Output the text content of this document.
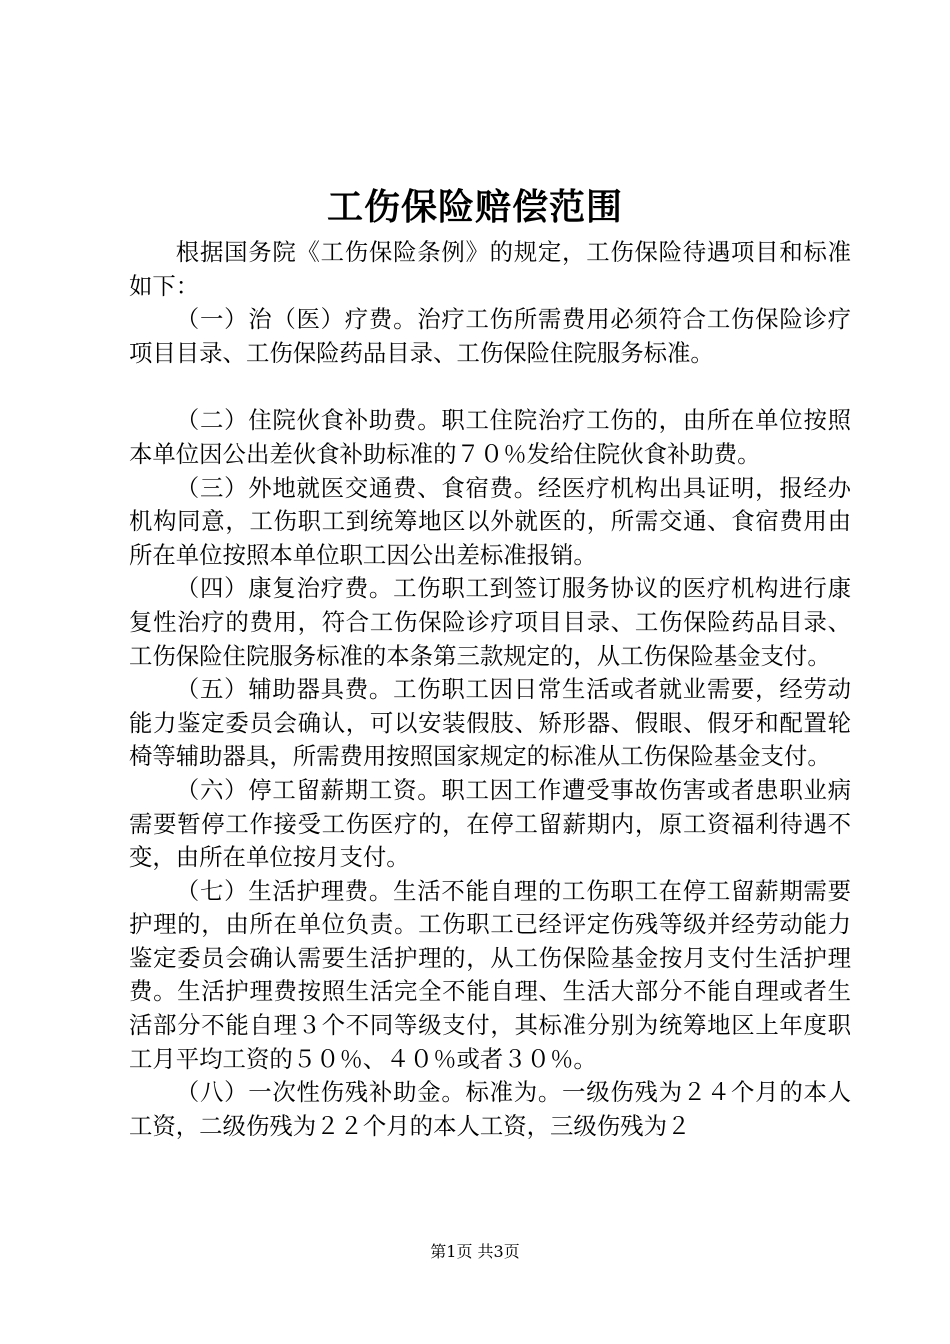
工伤保险赔偿范围

根据国务院《工伤保险条例》的规定，工伤保险待遇项目和标准如下：

（一）治（医）疗费。治疗工伤所需费用必须符合工伤保险诊疗项目目录、工伤保险药品目录、工伤保险住院服务标准。

（二）住院伙食补助费。职工住院治疗工伤的，由所在单位按照本单位因公出差伙食补助标准的７０％发给住院伙食补助费。

（三）外地就医交通费、食宿费。经医疗机构出具证明，报经办机构同意，工伤职工到统筹地区以外就医的，所需交通、食宿费用由所在单位按照本单位职工因公出差标准报销。

（四）康复治疗费。工伤职工到签订服务协议的医疗机构进行康复性治疗的费用，符合工伤保险诊疗项目目录、工伤保险药品目录、工伤保险住院服务标准的本条第三款规定的，从工伤保险基金支付。

（五）辅助器具费。工伤职工因日常生活或者就业需要，经劳动能力鉴定委员会确认，可以安装假肢、矫形器、假眼、假牙和配置轮椅等辅助器具，所需费用按照国家规定的标准从工伤保险基金支付。

（六）停工留薪期工资。职工因工作遭受事故伤害或者患职业病需要暂停工作接受工伤医疗的，在停工留薪期内，原工资福利待遇不变，由所在单位按月支付。

（七）生活护理费。生活不能自理的工伤职工在停工留薪期需要护理的，由所在单位负责。工伤职工已经评定伤残等级并经劳动能力鉴定委员会确认需要生活护理的，从工伤保险基金按月支付生活护理费。生活护理费按照生活完全不能自理、生活大部分不能自理或者生活部分不能自理３个不同等级支付，其标准分别为统筹地区上年度职工月平均工资的５０％、４０％或者３０％。

（八）一次性伤残补助金。标准为。一级伤残为２４个月的本人工资，二级伤残为２２个月的本人工资，三级伤残为２

第1页 共3页
